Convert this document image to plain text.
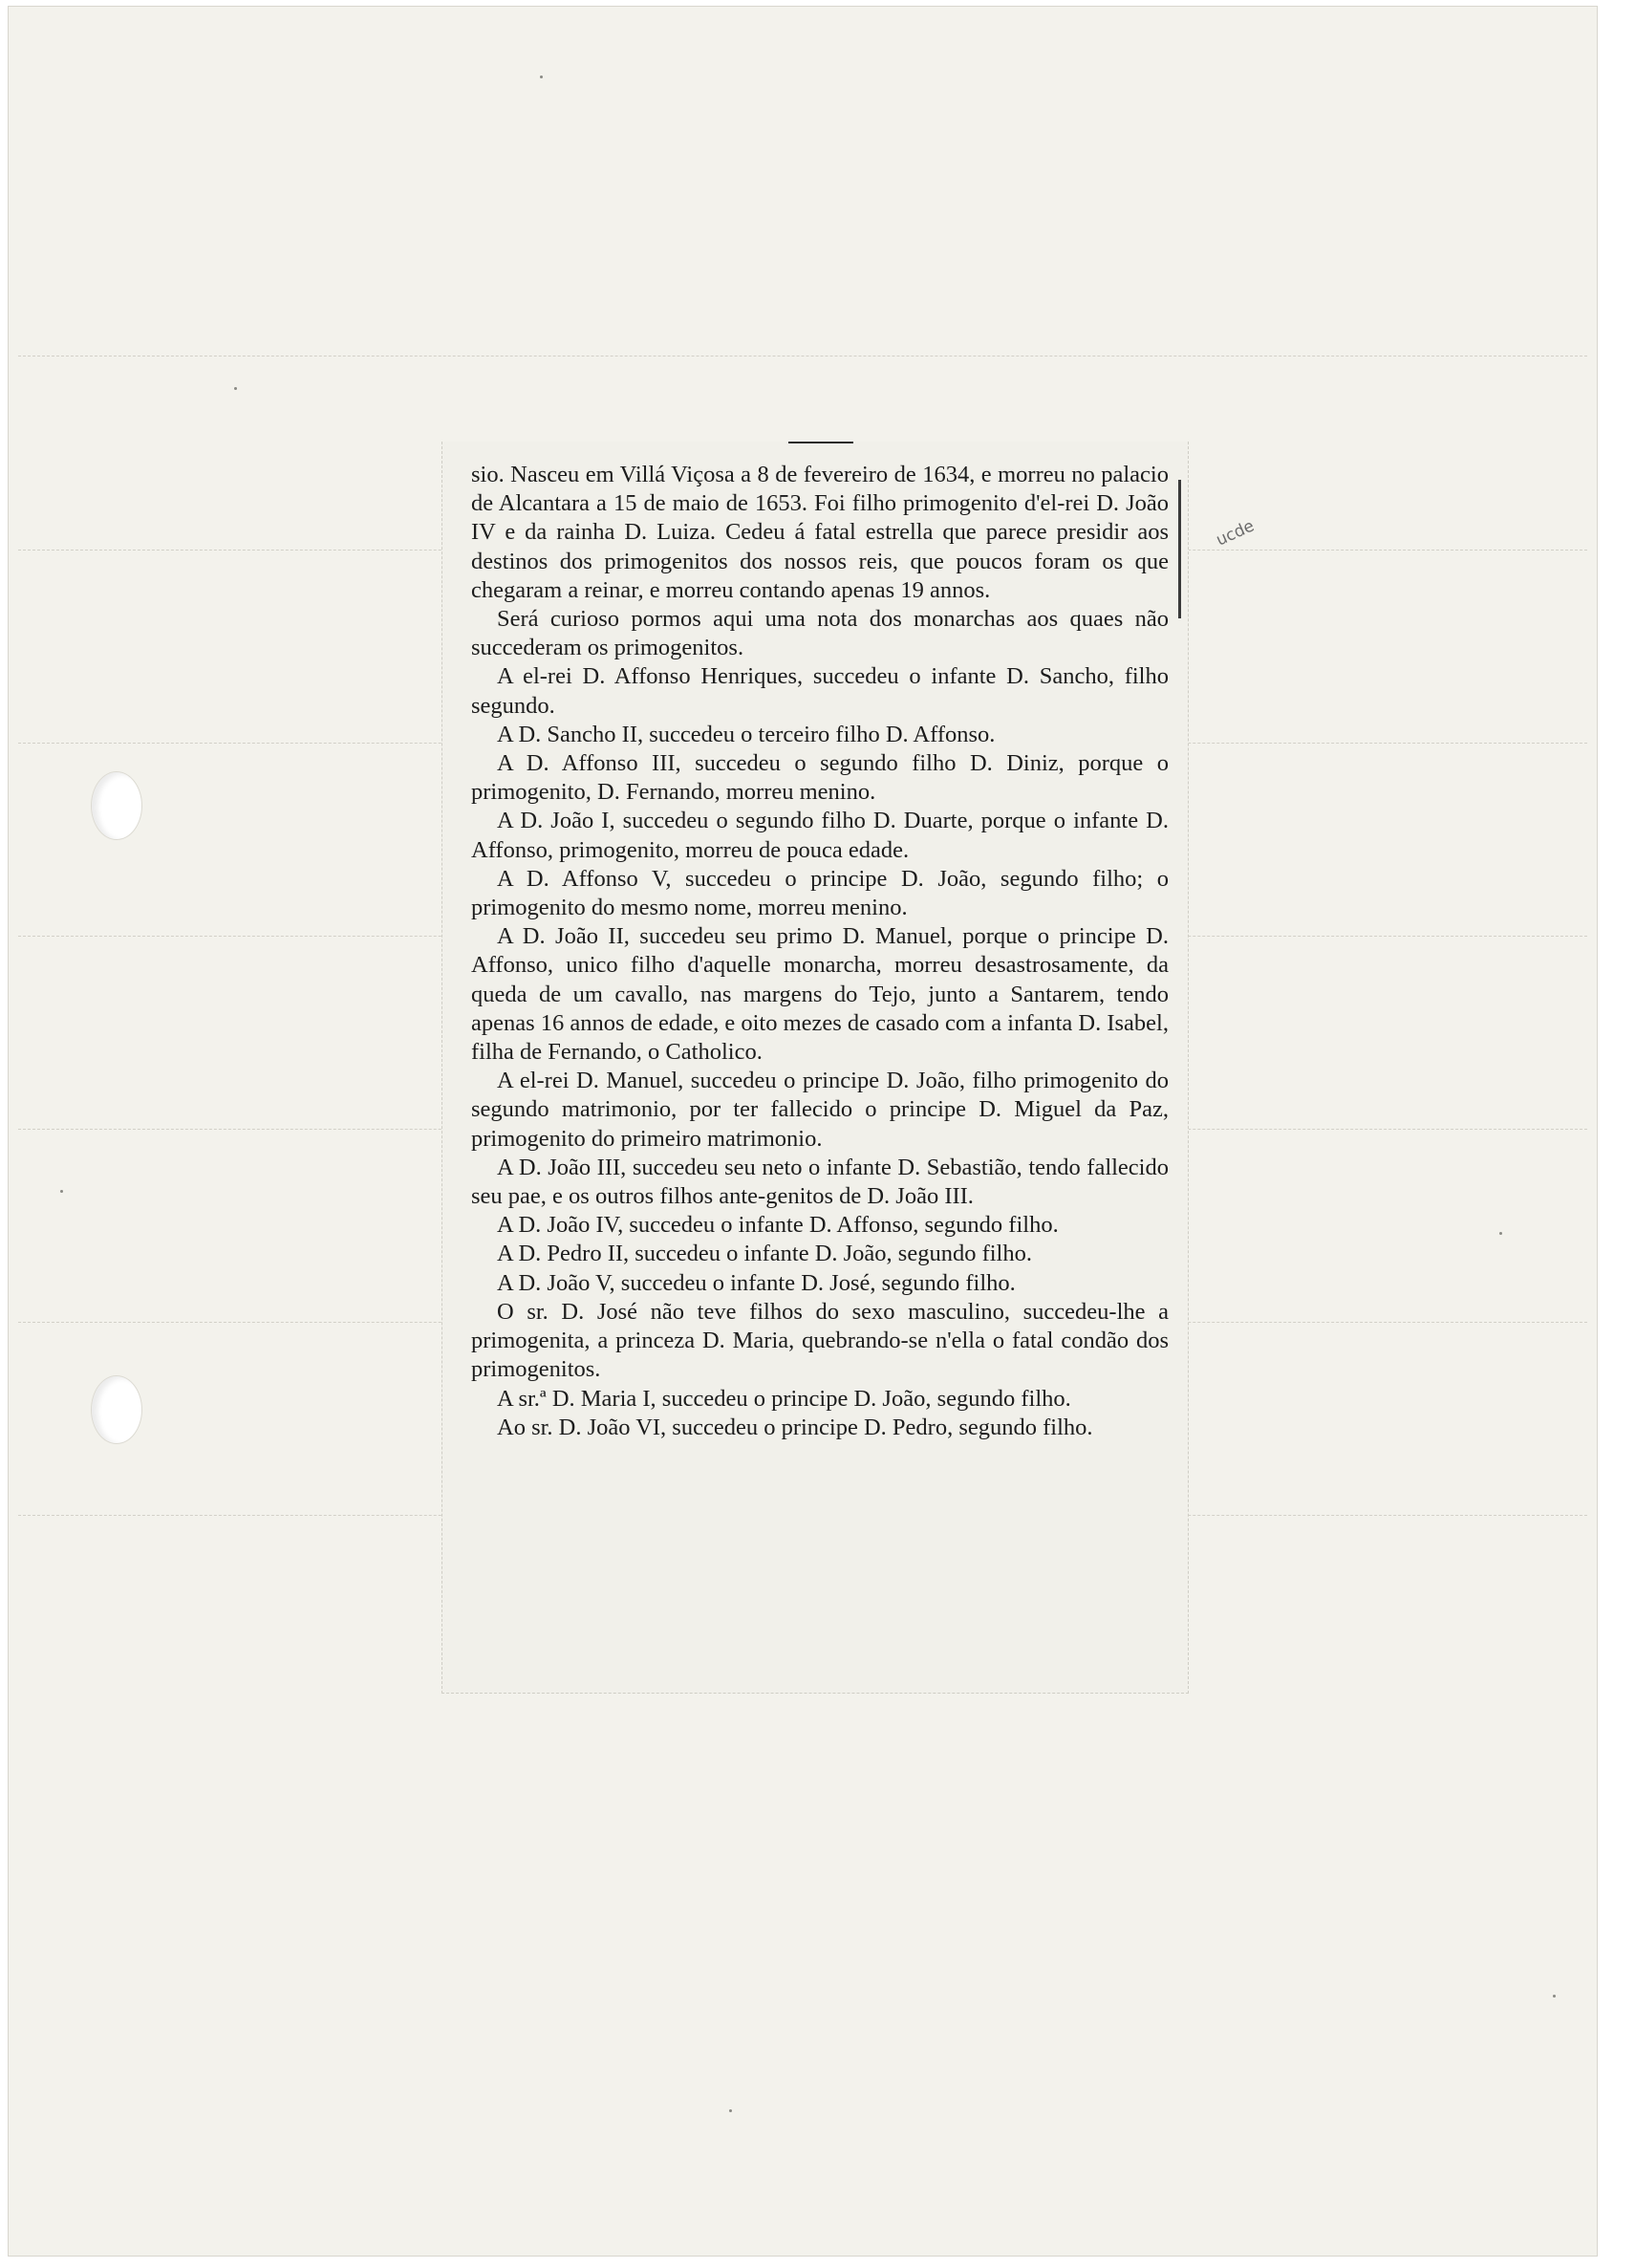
sio. Nasceu em Villá Viçosa a 8 de fevereiro de 1634, e morreu no palacio de Alcantara a 15 de maio de 1653. Foi filho primogenito d'el-rei D. João IV e da rainha D. Luiza. Cedeu á fatal estrella que parece presidir aos destinos dos primogenitos dos nossos reis, que poucos foram os que chegaram a reinar, e morreu contando apenas 19 annos.

Será curioso pormos aqui uma nota dos monarchas aos quaes não succederam os primogenitos.

A el-rei D. Affonso Henriques, succedeu o infante D. Sancho, filho segundo.

A D. Sancho II, succedeu o terceiro filho D. Affonso.

A D. Affonso III, succedeu o segundo filho D. Diniz, porque o primogenito, D. Fernando, morreu menino.

A D. João I, succedeu o segundo filho D. Duarte, porque o infante D. Affonso, primogenito, morreu de pouca edade.

A D. Affonso V, succedeu o principe D. João, segundo filho; o primogenito do mesmo nome, morreu menino.

A D. João II, succedeu seu primo D. Manuel, porque o principe D. Affonso, unico filho d'aquelle monarcha, morreu desastrosamente, da queda de um cavallo, nas margens do Tejo, junto a Santarem, tendo apenas 16 annos de edade, e oito mezes de casado com a infanta D. Isabel, filha de Fernando, o Catholico.

A el-rei D. Manuel, succedeu o principe D. João, filho primogenito do segundo matrimonio, por ter fallecido o principe D. Miguel da Paz, primogenito do primeiro matrimonio.

A D. João III, succedeu seu neto o infante D. Sebastião, tendo fallecido seu pae, e os outros filhos ante-genitos de D. João III.

A D. João IV, succedeu o infante D. Affonso, segundo filho.

A D. Pedro II, succedeu o infante D. João, segundo filho.

A D. João V, succedeu o infante D. José, segundo filho.

O sr. D. José não teve filhos do sexo masculino, succedeu-lhe a primogenita, a princeza D. Maria, quebrando-se n'ella o fatal condão dos primogenitos.

A sr.ª D. Maria I, succedeu o principe D. João, segundo filho.

Ao sr. D. João VI, succedeu o principe D. Pedro, segundo filho.

ucde
